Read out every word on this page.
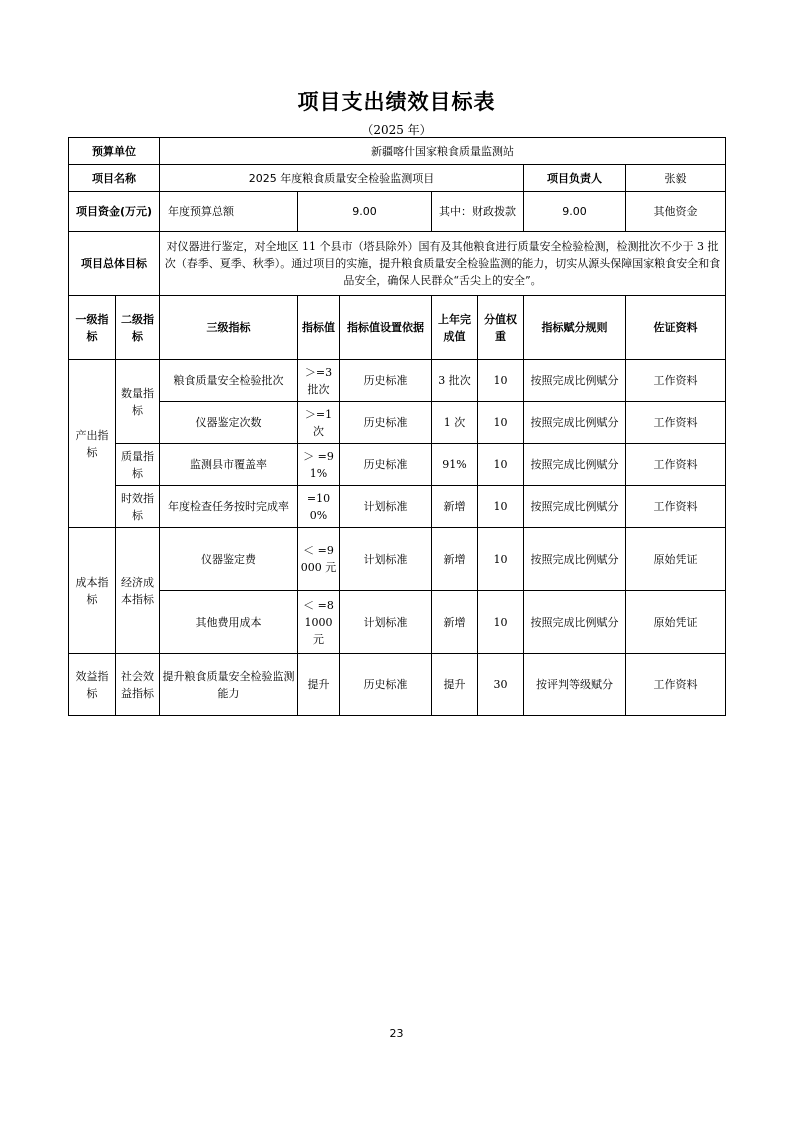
项目支出绩效目标表
（2025 年）
预算单位		新疆喀什国家粮食质量监测站						
项目名称		2025 年度粮食质量安全检验监测项目					项目负责人	张毅
项目资金(万元)		年度预算总额	9.00		其中：财政拨款		9.00	其他资金
项目总体目标		对仪器进行鉴定，对全地区 11 个县市（塔县除外）国有及其他粮食进行质量安全检验检测，检测批次不少于 3 批次（春季、夏季、秋季）。通过项目的实施，提升粮食质量安全检验监测的能力，切实从源头保障国家粮食安全和食品安全，确保人民群众“舌尖上的安全”。						
一级指标	二级指标	三级指标	指标值	指标值设置依据	上年完成值	分值权重	指标赋分规则	佐证资料
产出指标	数量指标	粮食质量安全检验批次	＞=3 批次	历史标准	3 批次	10	按照完成比例赋分	工作资料
		仪器鉴定次数	＞=1 次	历史标准	1 次	10	按照完成比例赋分	工作资料
	质量指标	监测县市覆盖率	＞ =91%	历史标准	91%	10	按照完成比例赋分	工作资料
	时效指标	年度检查任务按时完成率	=100%	计划标准	新增	10	按照完成比例赋分	工作资料
成本指标	经济成本指标	仪器鉴定费	＜ =9000 元	计划标准	新增	10	按照完成比例赋分	原始凭证
		其他费用成本	＜ =81000 元	计划标准	新增	10	按照完成比例赋分	原始凭证
效益指标	社会效益指标	提升粮食质量安全检验监测能力	提升	历史标准	提升	30	按评判等级赋分	工作资料
23
